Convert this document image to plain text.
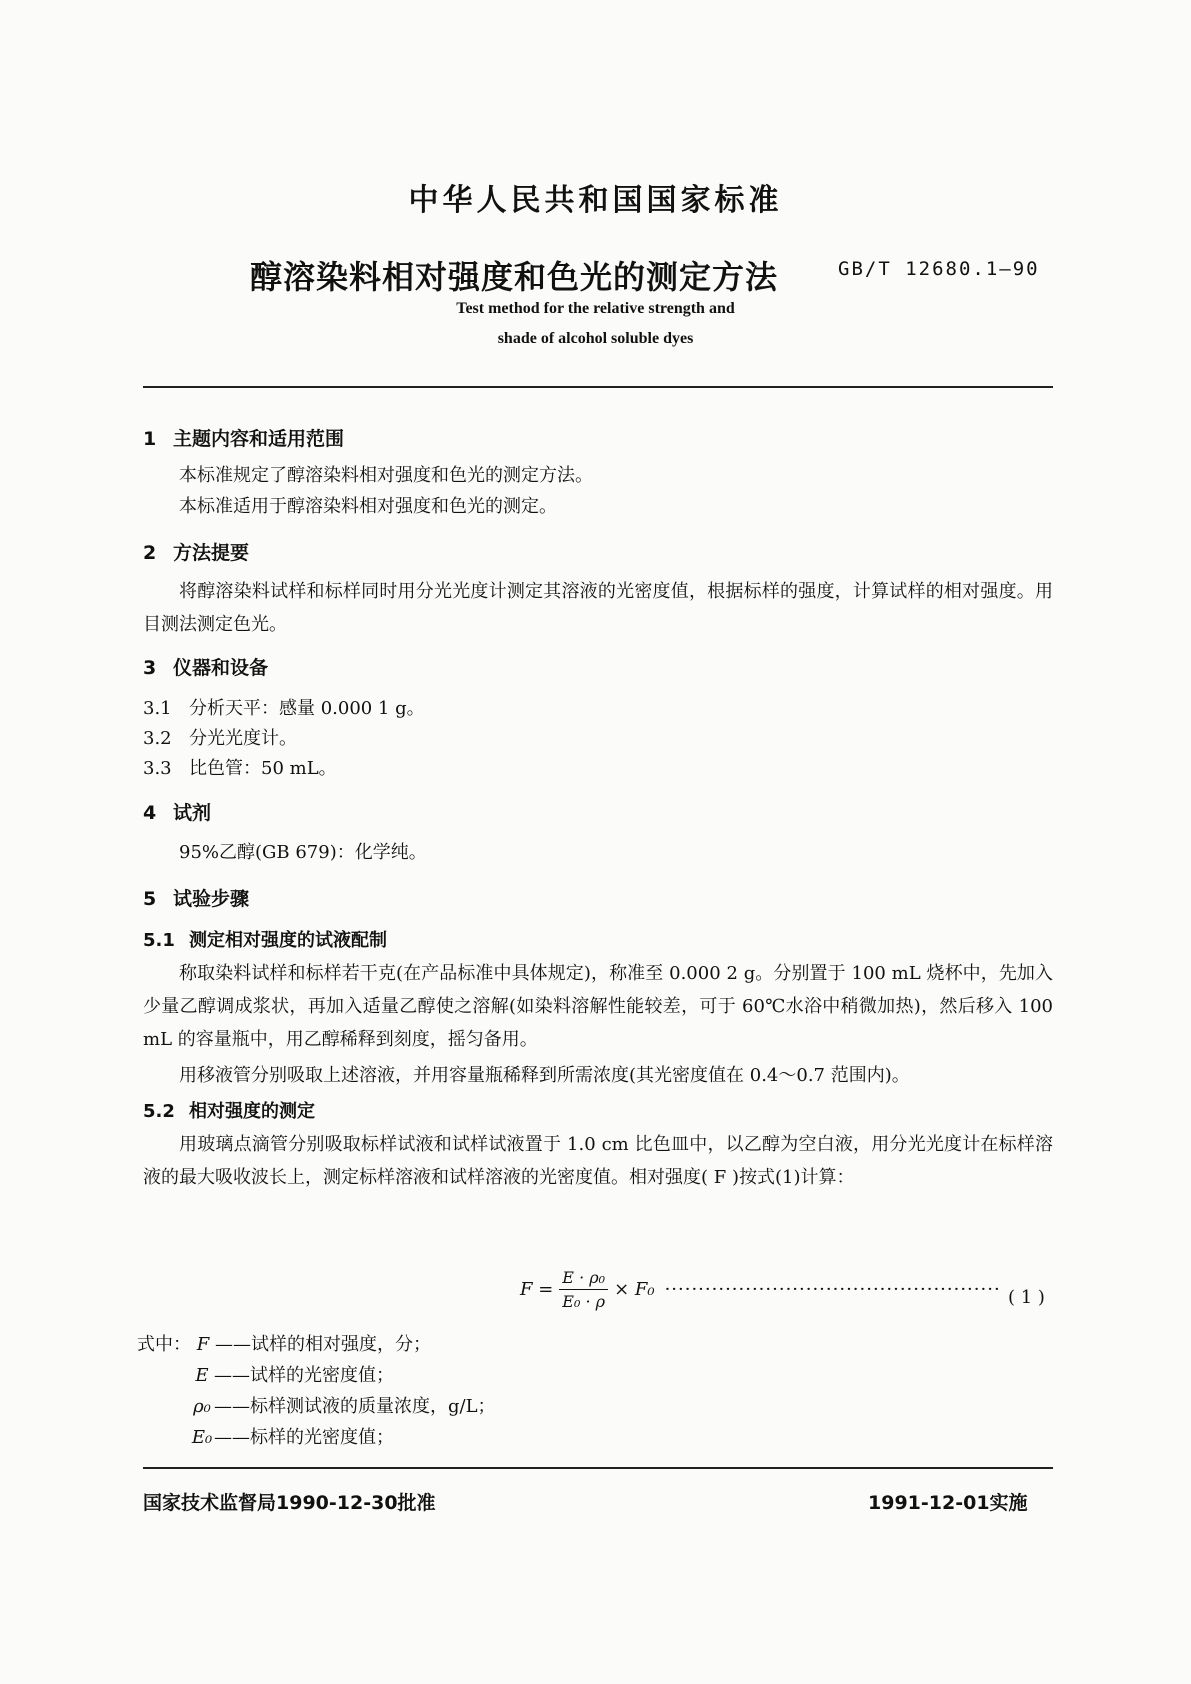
中华人民共和国国家标准
醇溶染料相对强度和色光的测定方法	GB/T 12680.1—90
Test method for the relative strength and
shade of alcohol soluble dyes
1 主题内容和适用范围
本标准规定了醇溶染料相对强度和色光的测定方法。
本标准适用于醇溶染料相对强度和色光的测定。
2 方法提要

将醇溶染料试样和标样同时用分光光度计测定其溶液的光密度值，根据标样的强度，计算试样的相对强度。用目测法测定色光。

3 仪器和设备
3.1 分析天平：感量 0.000 1 g。
3.2 分光光度计。
3.3 比色管：50 mL。
4 试剂
95%乙醇(GB 679)：化学纯。
5 试验步骤
5.1 测定相对强度的试液配制

称取染料试样和标样若干克(在产品标准中具体规定)，称准至 0.000 2 g。分别置于 100 mL 烧杯中，先加入少量乙醇调成浆状，再加入适量乙醇使之溶解(如染料溶解性能较差，可于 60℃水浴中稍微加热)，然后移入 100 mL 的容量瓶中，用乙醇稀释到刻度，摇匀备用。

用移液管分别吸取上述溶液，并用容量瓶稀释到所需浓度(其光密度值在 0.4～0.7 范围内)。

5.2 相对强度的测定

用玻璃点滴管分别吸取标样试液和试样试液置于 1.0 cm 比色皿中，以乙醇为空白液，用分光光度计在标样溶液的最大吸收波长上，测定标样溶液和试样溶液的光密度值。相对强度( F )按式(1)计算：

$F = \frac{\text{E · ρ₀}}{\text{E₀ · ρ}} \times F_0$ ·················································· ( 1 )
式中： F ——试样的相对强度，分；
E ——试样的光密度值；
ρ₀ ——标样测试液的质量浓度，g/L；
E₀ ——标样的光密度值；
国家技术监督局1990-12-30批准	1991-12-01实施
